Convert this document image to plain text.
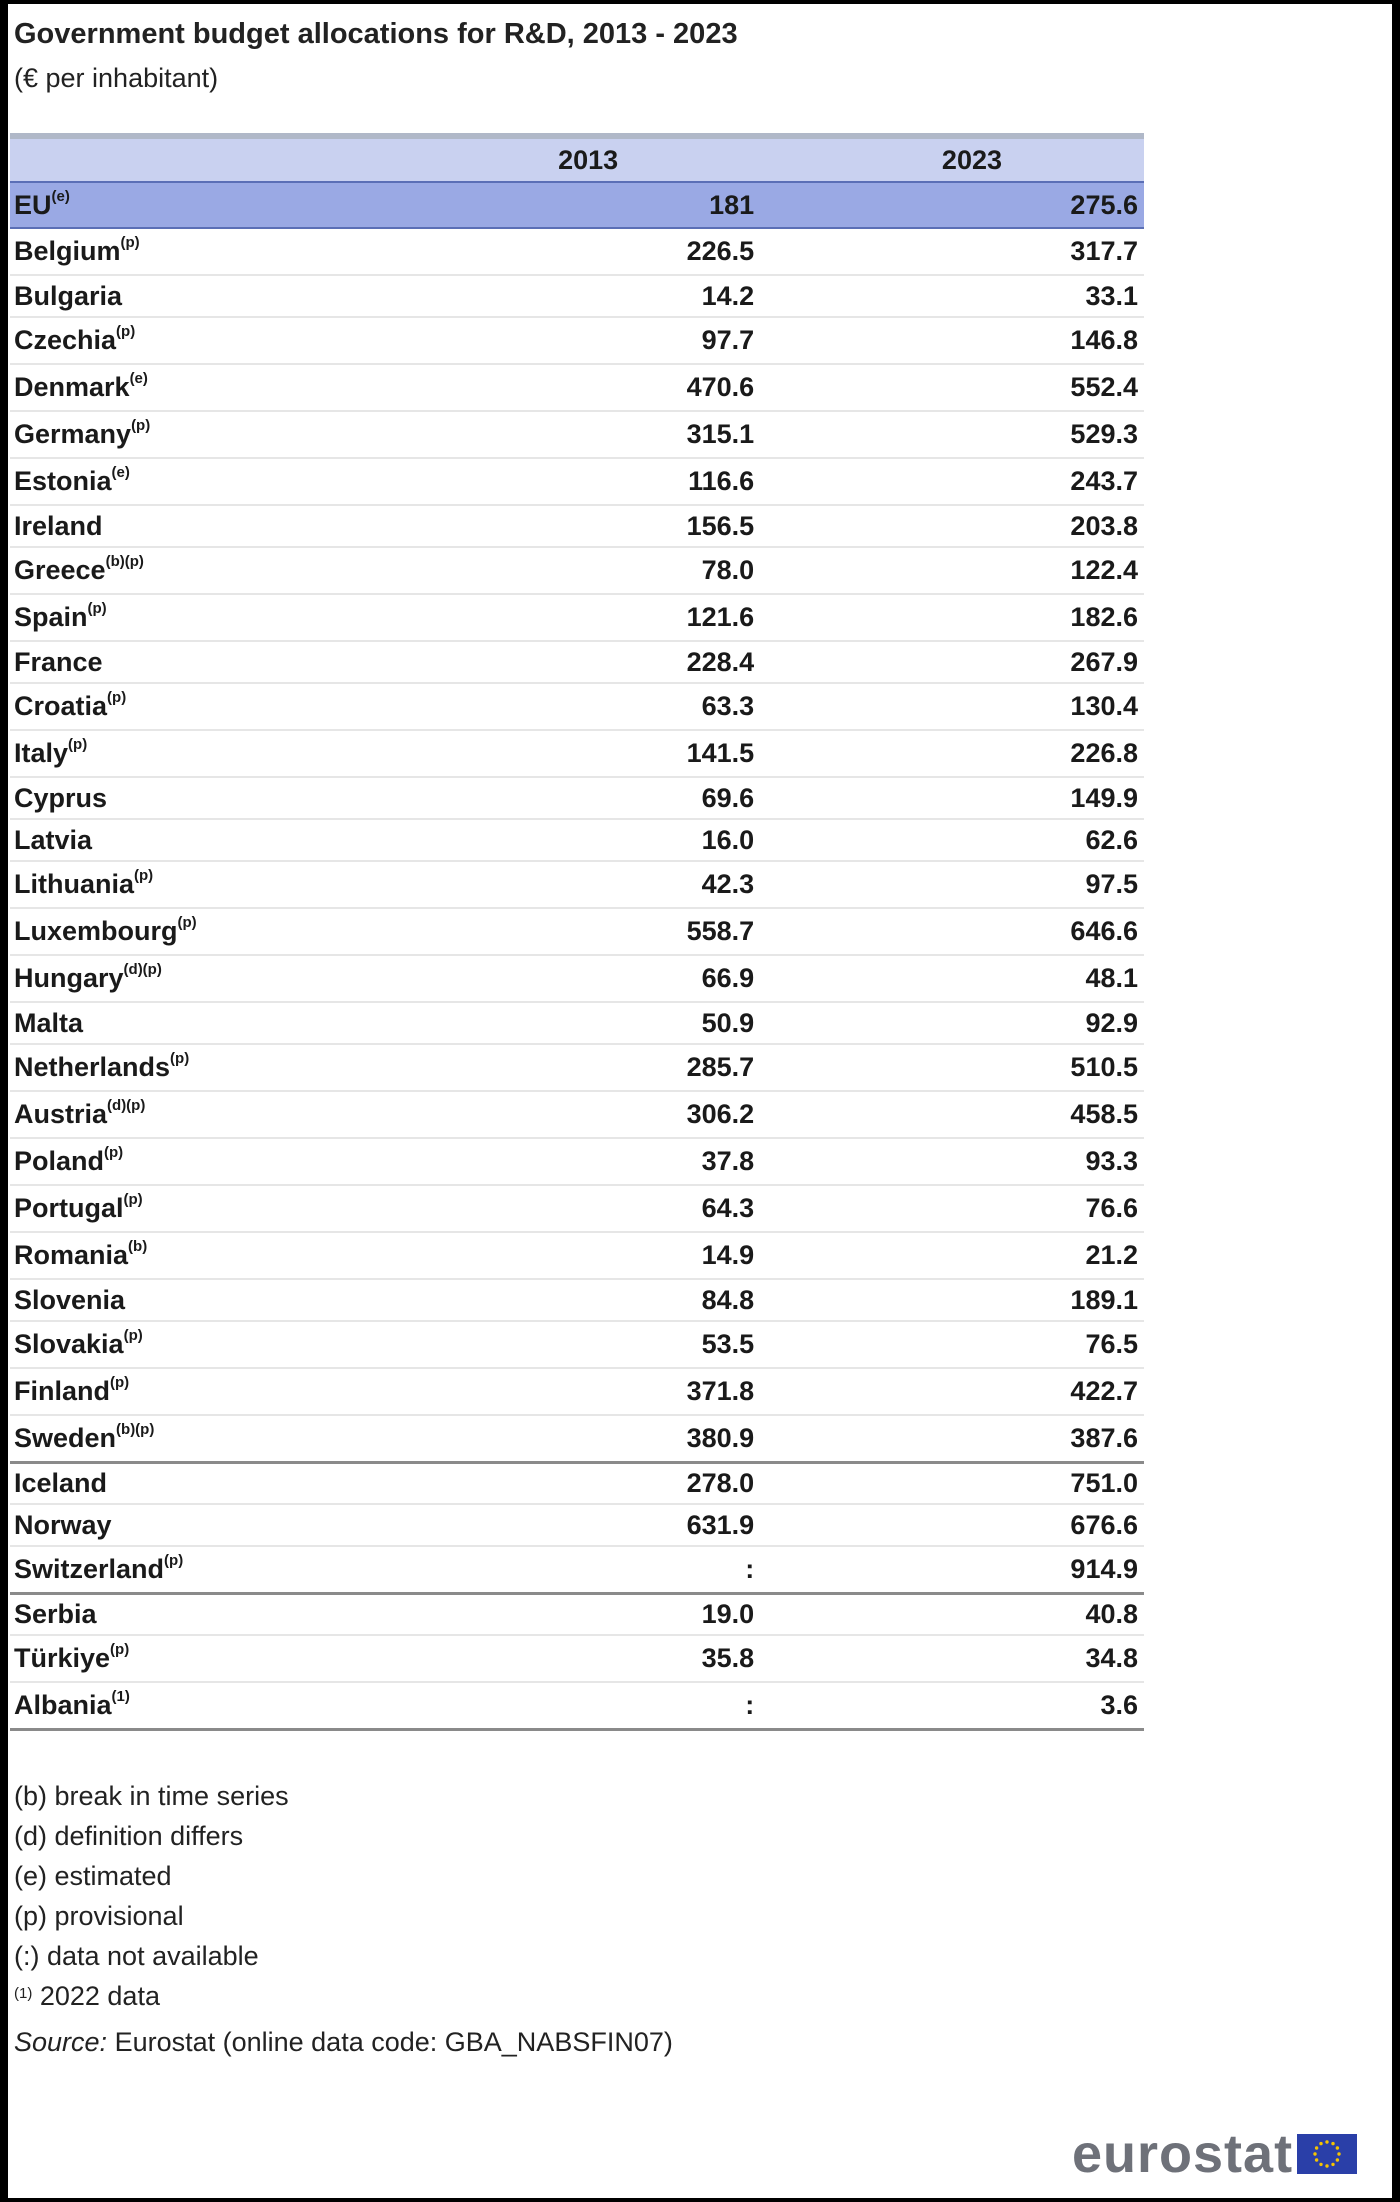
Government budget allocations for R&D, 2013 - 2023
(€ per inhabitant)
	2013	2023
EU$^{(e)}$	181	275.6
Belgium$^{(p)}$	226.5	317.7
Bulgaria	14.2	33.1
Czechia$^{(p)}$	97.7	146.8
Denmark$^{(e)}$	470.6	552.4
Germany$^{(p)}$	315.1	529.3
Estonia$^{(e)}$	116.6	243.7
Ireland	156.5	203.8
Greece$^{(b)(p)}$	78.0	122.4
Spain$^{(p)}$	121.6	182.6
France	228.4	267.9
Croatia$^{(p)}$	63.3	130.4
Italy$^{(p)}$	141.5	226.8
Cyprus	69.6	149.9
Latvia	16.0	62.6
Lithuania$^{(p)}$	42.3	97.5
Luxembourg$^{(p)}$	558.7	646.6
Hungary$^{(d)(p)}$	66.9	48.1
Malta	50.9	92.9
Netherlands$^{(p)}$	285.7	510.5
Austria$^{(d)(p)}$	306.2	458.5
Poland$^{(p)}$	37.8	93.3
Portugal$^{(p)}$	64.3	76.6
Romania$^{(b)}$	14.9	21.2
Slovenia	84.8	189.1
Slovakia$^{(p)}$	53.5	76.5
Finland$^{(p)}$	371.8	422.7
Sweden$^{(b)(p)}$	380.9	387.6
Iceland	278.0	751.0
Norway	631.9	676.6
Switzerland$^{(p)}$	:	914.9
Serbia	19.0	40.8
Türkiye$^{(p)}$	35.8	34.8
Albania$^{(1)}$	:	3.6
(b) break in time series
(d) definition differs
(e) estimated
(p) provisional
(:) data not available
$^{(1)}$ 2022 data
Source: Eurostat (online data code: GBA_NABSFIN07)
eurostat
